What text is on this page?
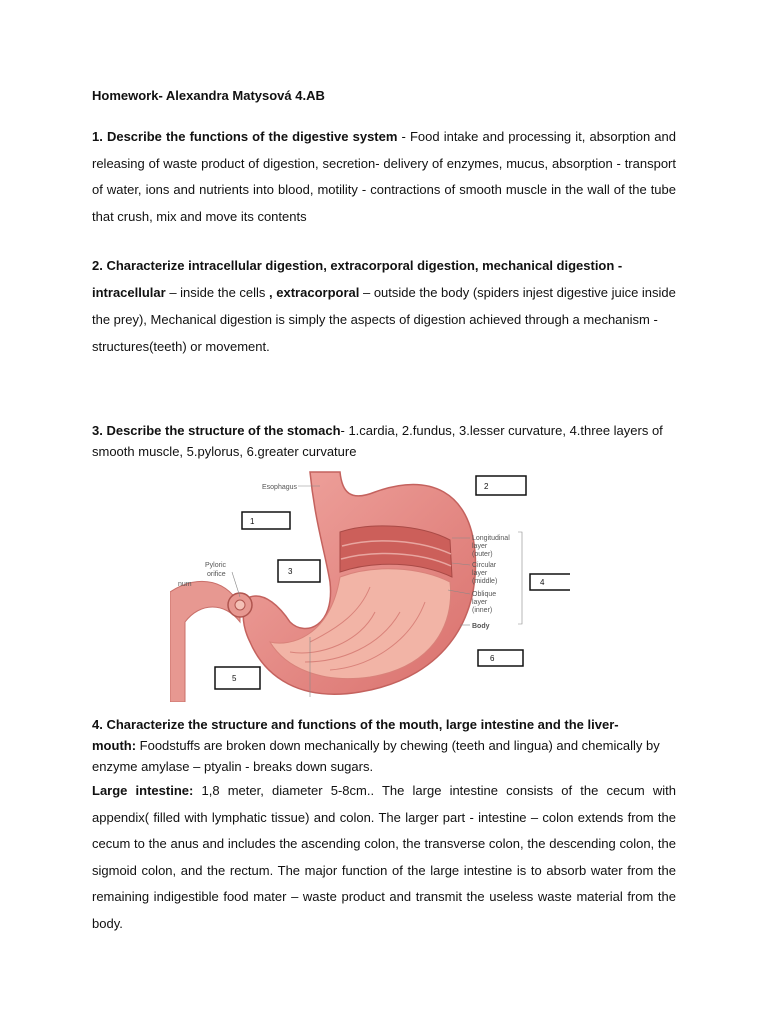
Homework- Alexandra Matysová 4.AB
1. Describe the functions of the digestive system - Food intake and processing it, absorption and releasing of waste product of digestion, secretion- delivery of enzymes, mucus, absorption - transport of water, ions and nutrients into blood, motility - contractions of smooth muscle in the wall of the tube that crush, mix and move its contents
2. Characterize intracellular digestion, extracorporal digestion, mechanical digestion -
intracellular – inside the cells , extracorporal – outside the body (spiders injest digestive juice inside the prey), Mechanical digestion is simply the aspects of digestion achieved through a mechanism - structures(teeth) or movement.
3. Describe the structure of the stomach- 1.cardia, 2.fundus, 3.lesser curvature, 4.three layers of smooth muscle, 5.pylorus, 6.greater curvature
Esophagus
Pyloric
orifice
num
Longitudinal
layer
(outer)
Circular
layer
(middle)
Oblique
layer
(inner)
Body
1
2
3
4
5
6
4. Characterize the structure and functions of the mouth, large intestine and the liver-
mouth: Foodstuffs are broken down mechanically by chewing (teeth and lingua) and chemically by enzyme amylase – ptyalin - breaks down sugars.
Large intestine: 1,8 meter, diameter 5-8cm.. The large intestine consists of the cecum with appendix( filled with lymphatic tissue) and colon. The larger part - intestine – colon extends from the cecum to the anus and includes the ascending colon, the transverse colon, the descending colon, the sigmoid colon, and the rectum. The major function of the large intestine is to absorb water from the remaining indigestible food mater – waste product and transmit the useless waste material from the body.
